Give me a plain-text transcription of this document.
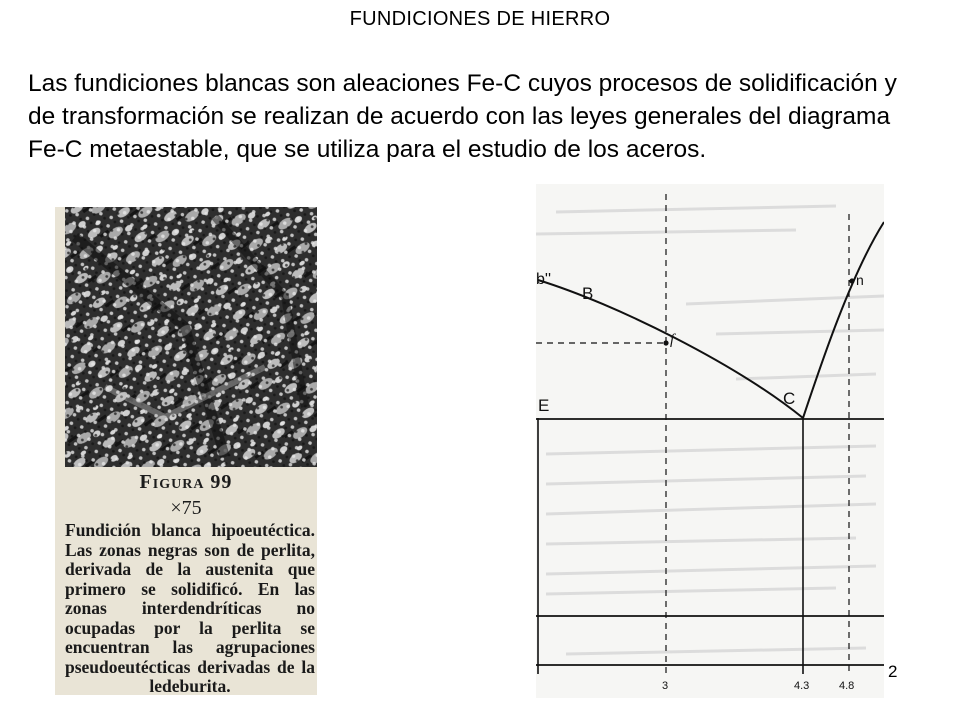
FUNDICIONES DE HIERRO
Las fundiciones blancas son aleaciones Fe-C cuyos procesos de solidificación y de transformación se realizan de acuerdo con las leyes generales del diagrama Fe-C metaestable, que se utiliza para el estudio de los aceros.
Figura 99
×75
Fundición blanca hipoeutéctica. Las zonas negras son de perlita, derivada de la austenita que primero se solidificó. En las zonas interdendríticas no ocupadas por la perlita se encuentran las agrupaciones pseudoeutécticas derivadas de la ledeburita.
b''
B
f
n
C
E
3	4.3	4.8
2
